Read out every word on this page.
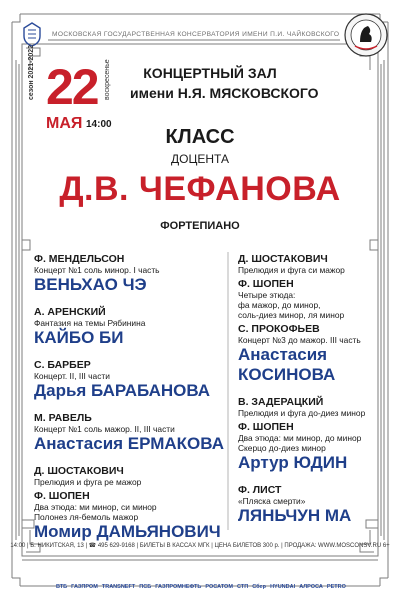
МОСКОВСКАЯ ГОСУДАРСТВЕННАЯ КОНСЕРВАТОРИЯ ИМЕНИ П.И. ЧАЙКОВСКОГО
сезон 2021-2022 22 воскресенье
МАЯ 14:00
КОНЦЕРТНЫЙ ЗАЛ
имени Н.Я. МЯСКОВСКОГО
КЛАСС
ДОЦЕНТА
Д.В. ЧЕФАНОВА
ФОРТЕПИАНО
Ф. МЕНДЕЛЬСОН
Концерт №1 соль минор. I часть
ВЕНЬХАО ЧЭ
А. АРЕНСКИЙ
Фантазия на темы Рябинина
КАЙБО БИ
С. БАРБЕР
Концерт. II, III части
Дарья БАРАБАНОВА
М. РАВЕЛЬ
Концерт №1 соль мажор. II, III части
Анастасия ЕРМАКОВА
Д. ШОСТАКОВИЧ
Прелюдия и фуга ре мажор
Ф. ШОПЕН
Два этюда: ми минор, си минор
Полонез ля-бемоль мажор
Момир ДАМЬЯНОВИЧ
Д. ШОСТАКОВИЧ
Прелюдия и фуга си мажор
Ф. ШОПЕН
Четыре этюда:
фа мажор, до минор,
соль-диез минор, ля минор
С. ПРОКОФЬЕВ
Концерт №3 до мажор. III часть
Анастасия
КОСИНОВА
В. ЗАДЕРАЦКИЙ
Прелюдия и фуга до-диез минор
Ф. ШОПЕН
Два этюда: ми минор, до минор
Скерцо до-диез минор
Артур ЮДИН
Ф. ЛИСТ
«Пляска смерти»
ЛЯНЬЧУН МА
14:00 | Б. НИКИТСКАЯ, 13 | ☎ 495 629-9168 | БИЛЕТЫ В КАССАХ МГК | ЦЕНА БИЛЕТОВ 300 р. | ПРОДАЖА: WWW.MOSCONSV.RU 6+
ВТБ ГАЗПРОМ TRANSNEFT ПСБ ГАЗПРОМНЕФТЬ РОСАТОМ СТП Сбер HYUNDAI АЛРОСА PETRO
